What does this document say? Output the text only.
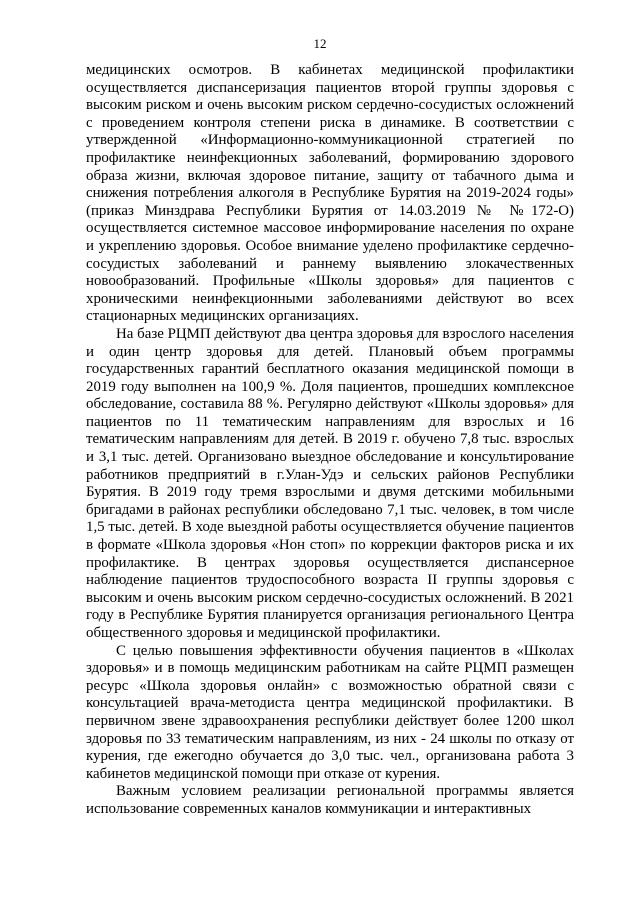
12

медицинских осмотров. В кабинетах медицинской профилактики осуществляется диспансеризация пациентов второй группы здоровья с высоким риском и очень высоким риском сердечно-сосудистых осложнений с проведением контроля степени риска в динамике. В соответствии с утвержденной «Информационно-коммуникационной стратегией по профилактике неинфекционных заболеваний, формированию здорового образа жизни, включая здоровое питание, защиту от табачного дыма и снижения потребления алкоголя в Республике Бурятия на 2019-2024 годы» (приказ Минздрава Республики Бурятия от 14.03.2019 № №172-О) осуществляется системное массовое информирование населения по охране и укреплению здоровья. Особое внимание уделено профилактике сердечно-сосудистых заболеваний и раннему выявлению злокачественных новообразований. Профильные «Школы здоровья» для пациентов с хроническими неинфекционными заболеваниями действуют во всех стационарных медицинских организациях.

На базе РЦМП действуют два центра здоровья для взрослого населения и один центр здоровья для детей. Плановый объем программы государственных гарантий бесплатного оказания медицинской помощи в 2019 году выполнен на 100,9 %. Доля пациентов, прошедших комплексное обследование, составила 88 %. Регулярно действуют «Школы здоровья» для пациентов по 11 тематическим направлениям для взрослых и 16 тематическим направлениям для детей. В 2019 г. обучено 7,8 тыс. взрослых и 3,1 тыс. детей. Организовано выездное обследование и консультирование работников предприятий в г.Улан-Удэ и сельских районов Республики Бурятия. В 2019 году тремя взрослыми и двумя детскими мобильными бригадами в районах республики обследовано 7,1 тыс. человек, в том числе 1,5 тыс. детей. В ходе выездной работы осуществляется обучение пациентов в формате «Школа здоровья «Нон стоп» по коррекции факторов риска и их профилактике. В центрах здоровья осуществляется диспансерное наблюдение пациентов трудоспособного возраста II группы здоровья с высоким и очень высоким риском сердечно-сосудистых осложнений. В 2021 году в Республике Бурятия планируется организация регионального Центра общественного здоровья и медицинской профилактики.

С целью повышения эффективности обучения пациентов в «Школах здоровья» и в помощь медицинским работникам на сайте РЦМП размещен ресурс «Школа здоровья онлайн» с возможностью обратной связи с консультацией врача-методиста центра медицинской профилактики. В первичном звене здравоохранения республики действует более 1200 школ здоровья по 33 тематическим направлениям, из них - 24 школы по отказу от курения, где ежегодно обучается до 3,0 тыс. чел., организована работа 3 кабинетов медицинской помощи при отказе от курения.

Важным условием реализации региональной программы является использование современных каналов коммуникации и интерактивных
